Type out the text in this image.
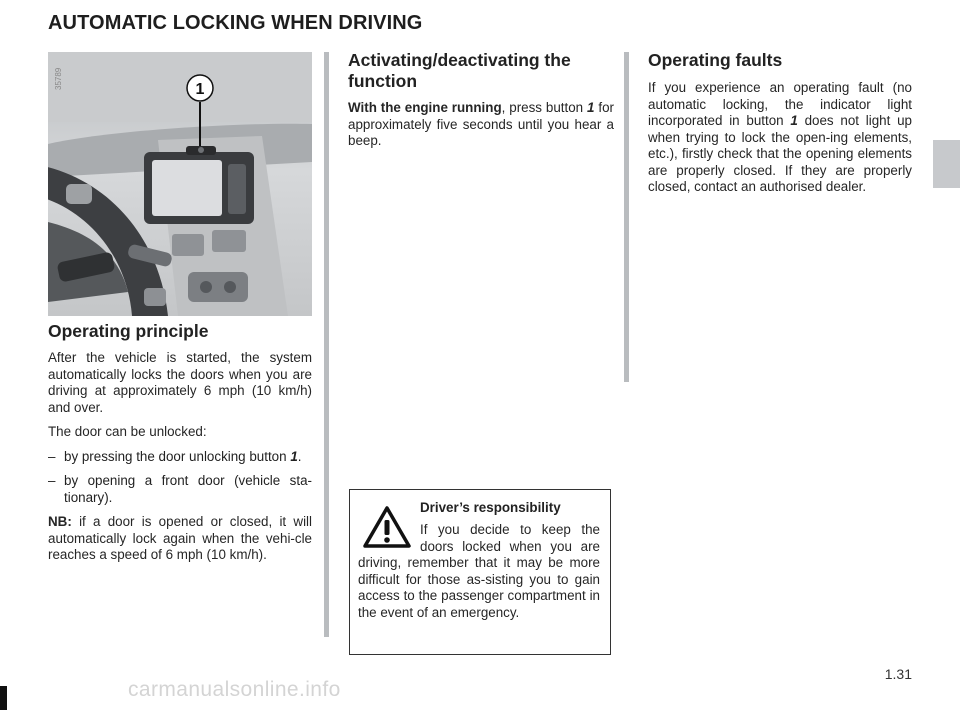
AUTOMATIC LOCKING WHEN DRIVING
1
35789
Operating principle

After the vehicle is started, the system automatically locks the doors when you are driving at approximately 6 mph (10 km/h) and over.

The door can be unlocked:

– by pressing the door unlocking button 1.
– by opening a front door (vehicle sta-tionary).

NB: if a door is opened or closed, it will automatically lock again when the vehi-cle reaches a speed of 6 mph (10 km/h).

Activating/deactivating the function

With the engine running, press button 1 for approximately five seconds until you hear a beep.

Operating faults

If you experience an operating fault (no automatic locking, the indicator light incorporated in button 1 does not light up when trying to lock the open-ing elements, etc.), firstly check that the opening elements are properly closed. If they are properly closed, contact an authorised dealer.

Driver’s responsibility
If you decide to keep the doors locked when you are driving, remember that it may be more difficult for those as-sisting you to gain access to the passenger compartment in the event of an emergency.
1.31
carmanualsonline.info
